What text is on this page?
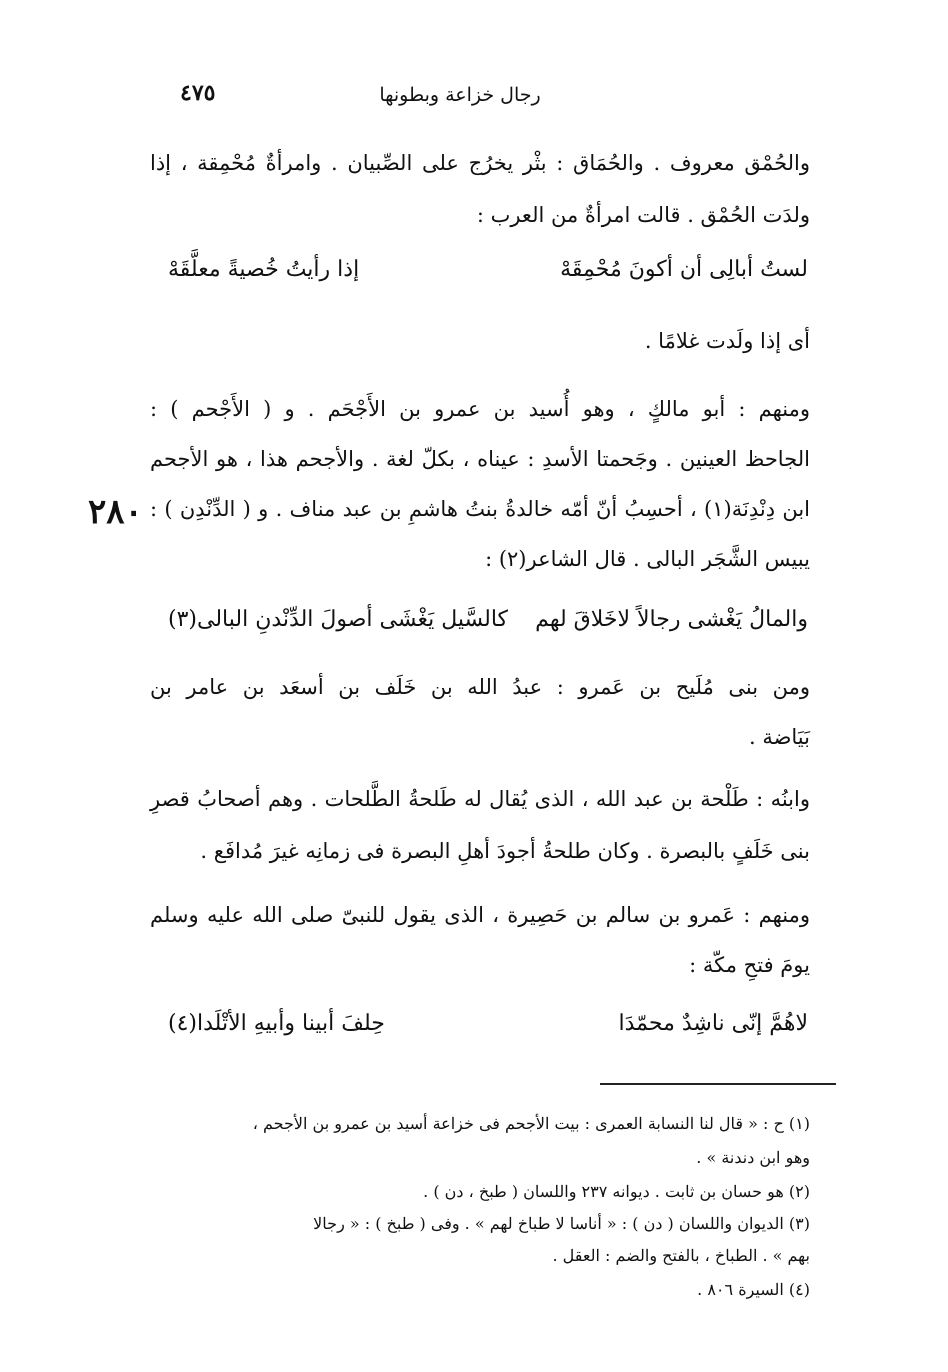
رجال خزاعة وبطونها
٤٧٥
٢٨٠
والحُمْق معروف . والحُمَاق : بثْر يخرُج على الصِّبيان . وامرأةٌ مُحْمِقة ، إذا
ولدَت الحُمْق . قالت امرأةٌ من العرب :
لستُ أبالِى أن أكونَ مُحْمِقَهْ
إذا رأيتُ خُصيةً معلَّقَهْ
أى إذا ولَدت غلامًا .
ومنهم : أبو مالكٍ ، وهو أُسيد بن عمرو بن الأَجْحَم . و ( الأَجْحم ) :
الجاحظ العينين . وجَحمتا الأسدِ : عيناه ، بكلّ لغة . والأجحم هذا ، هو الأجحم
ابن دِنْدِنَة(١) ، أحسِبُ أنّ أمّه خالدةُ بنتُ هاشمِ بن عبد مناف . و ( الدِّنْدِن ) :
يبيس الشَّجَر البالى . قال الشاعر(٢) :
والمالُ يَغْشى رجالاً لاخَلاقَ لهم
كالسَّيل يَغْشَى أصولَ الدِّنْدنِ البالى(٣)
ومن بنى مُلَيح بن عَمرو : عبدُ الله بن خَلَف بن أسعَد بن عامر بن
بَيَاضة .
وابنُه : طَلْحة بن عبد الله ، الذى يُقال له طَلحةُ الطَّلحات . وهم أصحابُ قصرِ
بنى خَلَفٍ بالبصرة . وكان طلحةُ أجودَ أهلِ البصرة فى زمانِه غيرَ مُدافَع .
ومنهم : عَمرو بن سالم بن حَصِيرة ، الذى يقول للنبىّ صلى الله عليه وسلم
يومَ فتحِ مكّة :
لاهُمَّ إنّى ناشِدٌ محمّدَا
حِلفَ أبينا وأبيهِ الأتْلَدا(٤)
(١) ح : « قال لنا النسابة العمرى : بيت الأجحم فى خزاعة أسيد بن عمرو بن الأجحم ،
وهو ابن دندنة » .
(٢) هو حسان بن ثابت . ديوانه ٢٣٧ واللسان ( طبخ ، دن ) .
(٣) الديوان واللسان ( دن ) : « أناسا لا طباخ لهم » . وفى ( طبخ ) : « رجالا
بهم » . الطباخ ، بالفتح والضم : العقل .
(٤) السيرة ٨٠٦ .
